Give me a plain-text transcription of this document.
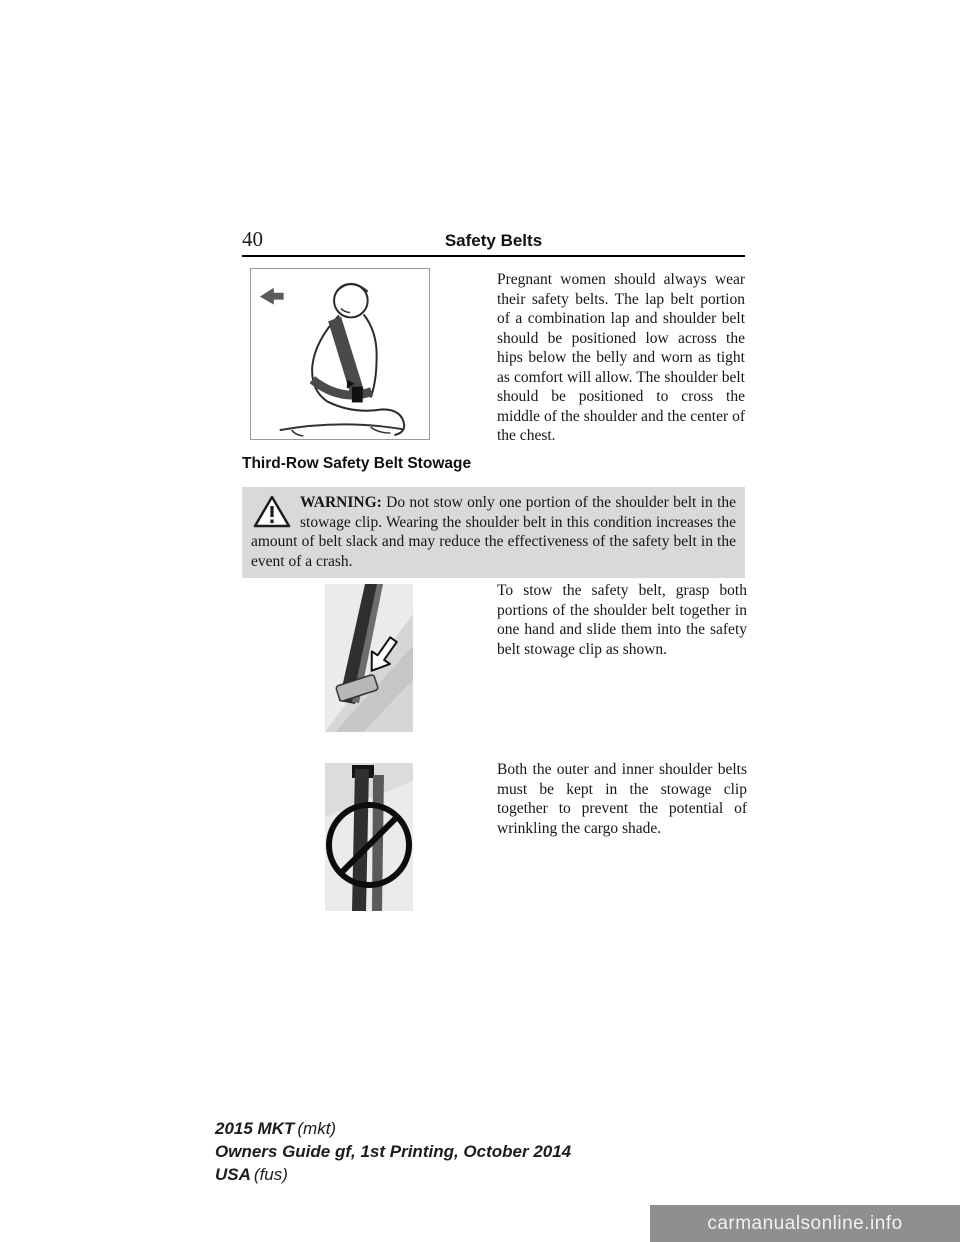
40	Safety Belts
Pregnant women should always wear their safety belts. The lap belt portion of a combination lap and shoulder belt should be positioned low across the hips below the belly and worn as tight as comfort will allow. The shoulder belt should be positioned to cross the middle of the shoulder and the center of the chest.
Third-Row Safety Belt Stowage

WARNING: Do not stow only one portion of the shoulder belt in the stowage clip. Wearing the shoulder belt in this condition increases the amount of belt slack and may reduce the effectiveness of the safety belt in the event of a crash.

To stow the safety belt, grasp both portions of the shoulder belt together in one hand and slide them into the safety belt stowage clip as shown.
Both the outer and inner shoulder belts must be kept in the stowage clip together to prevent the potential of wrinkling the cargo shade.
2015 MKT (mkt)
Owners Guide gf, 1st Printing, October 2014
USA (fus)
carmanualsonline.info
